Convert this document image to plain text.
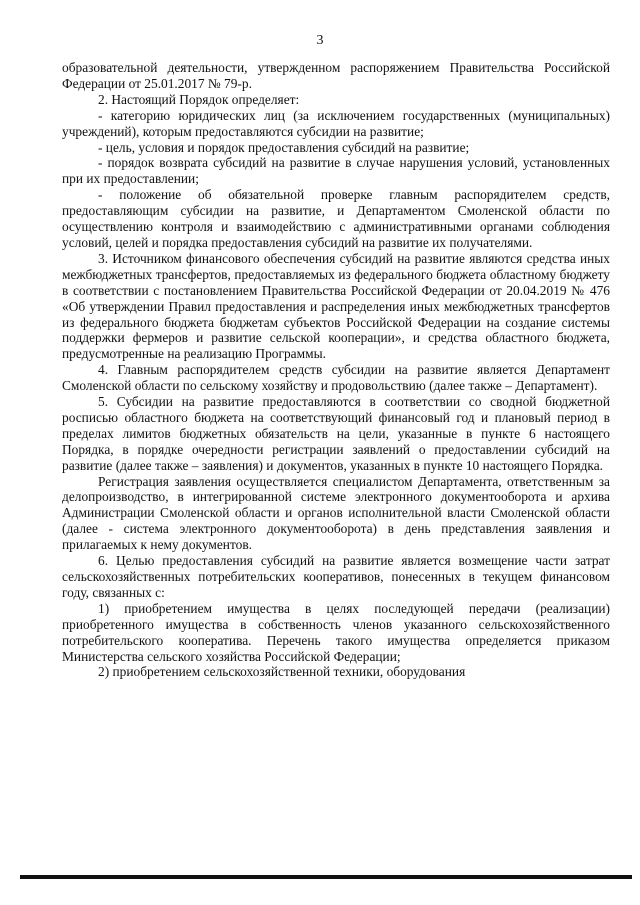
3

образовательной деятельности, утвержденном распоряжением Правительства Российской Федерации от 25.01.2017 № 79-р.

2. Настоящий Порядок определяет:

- категорию юридических лиц (за исключением государственных (муниципальных) учреждений), которым предоставляются субсидии на развитие;

- цель, условия и порядок предоставления субсидий на развитие;

- порядок возврата субсидий на развитие в случае нарушения условий, установленных при их предоставлении;

- положение об обязательной проверке главным распорядителем средств, предоставляющим субсидии на развитие, и Департаментом Смоленской области по осуществлению контроля и взаимодействию с административными органами соблюдения условий, целей и порядка предоставления субсидий на развитие их получателями.

3. Источником финансового обеспечения субсидий на развитие являются средства иных межбюджетных трансфертов, предоставляемых из федерального бюджета областному бюджету в соответствии с постановлением Правительства Российской Федерации от 20.04.2019 № 476 «Об утверждении Правил предоставления и распределения иных межбюджетных трансфертов из федерального бюджета бюджетам субъектов Российской Федерации на создание системы поддержки фермеров и развитие сельской кооперации», и средства областного бюджета, предусмотренные на реализацию Программы.

4. Главным распорядителем средств субсидии на развитие является Департамент Смоленской области по сельскому хозяйству и продовольствию (далее также – Департамент).

5. Субсидии на развитие предоставляются в соответствии со сводной бюджетной росписью областного бюджета на соответствующий финансовый год и плановый период в пределах лимитов бюджетных обязательств на цели, указанные в пункте 6 настоящего Порядка, в порядке очередности регистрации заявлений о предоставлении субсидий на развитие (далее также – заявления) и документов, указанных в пункте 10 настоящего Порядка.

Регистрация заявления осуществляется специалистом Департамента, ответственным за делопроизводство, в интегрированной системе электронного документооборота и архива Администрации Смоленской области и органов исполнительной власти Смоленской области (далее - система электронного документооборота) в день представления заявления и прилагаемых к нему документов.

6. Целью предоставления субсидий на развитие является возмещение части затрат сельскохозяйственных потребительских кооперативов, понесенных в текущем финансовом году, связанных с:

1) приобретением имущества в целях последующей передачи (реализации) приобретенного имущества в собственность членов указанного сельскохозяйственного потребительского кооператива. Перечень такого имущества определяется приказом Министерства сельского хозяйства Российской Федерации;

2) приобретением сельскохозяйственной техники, оборудования
